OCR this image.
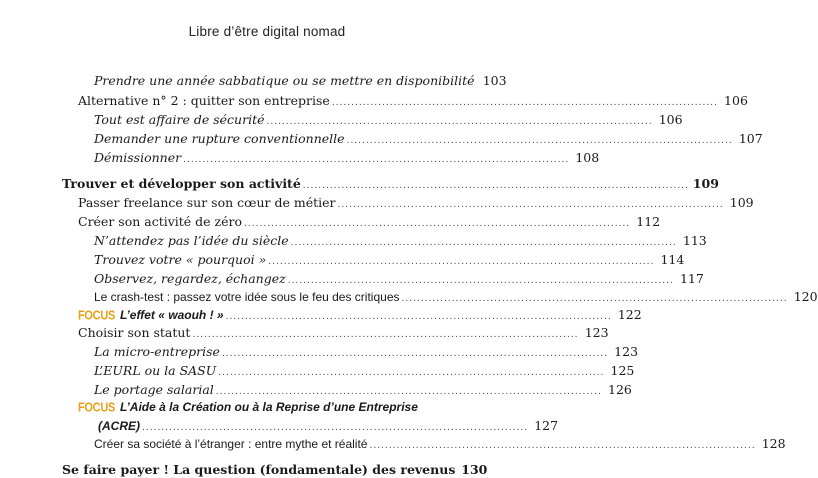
Libre d’être digital nomad
Prendre une année sabbatique ou se mettre en disponibilité 103
Alternative n° 2 : quitter son entreprise .................................................................................................... 106
Tout est affaire de sécurité .................................................................................................... 106
Demander une rupture conventionnelle .................................................................................................... 107
Démissionner .................................................................................................... 108
Trouver et développer son activité .................................................................................................... 109
Passer freelance sur son cœur de métier .................................................................................................... 109
Créer son activité de zéro .................................................................................................... 112
N’attendez pas l’idée du siècle .................................................................................................... 113
Trouvez votre « pourquoi » .................................................................................................... 114
Observez, regardez, échangez .................................................................................................... 117
Le crash-test : passez votre idée sous le feu des critiques .................................................................................................... 120
FOCUS L’effet « waouh ! » .................................................................................................... 122
Choisir son statut .................................................................................................... 123
La micro-entreprise .................................................................................................... 123
L’EURL ou la SASU .................................................................................................... 125
Le portage salarial .................................................................................................... 126
FOCUS L’Aide à la Création ou à la Reprise d’une Entreprise
(ACRE) .................................................................................................... 127
Créer sa société à l’étranger : entre mythe et réalité .................................................................................................... 128
Se faire payer ! La question (fondamentale) des revenus 130
